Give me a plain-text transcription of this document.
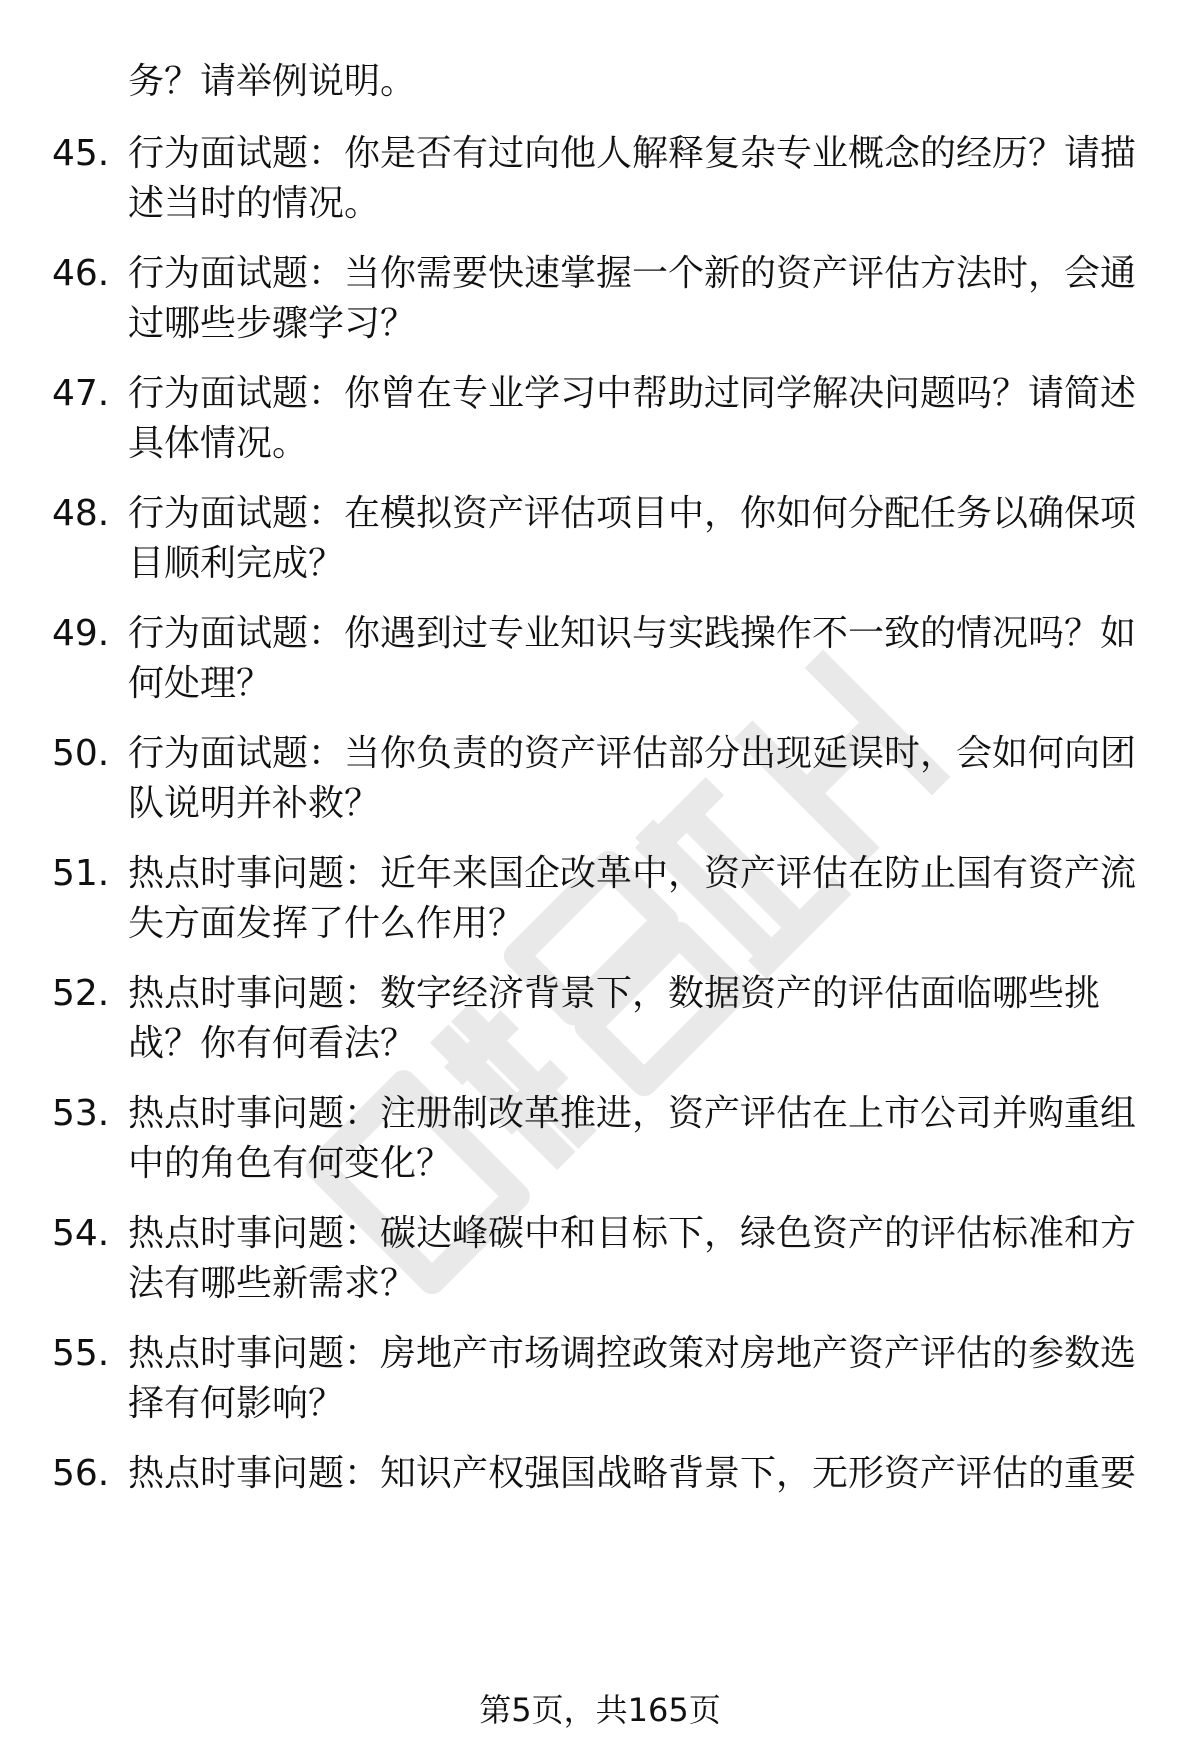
务？请举例说明。
45. 行为面试题：你是否有过向他人解释复杂专业概念的经历？请描
述当时的情况。
46. 行为面试题：当你需要快速掌握一个新的资产评估方法时，会通
过哪些步骤学习？
47. 行为面试题：你曾在专业学习中帮助过同学解决问题吗？请简述
具体情况。
48. 行为面试题：在模拟资产评估项目中，你如何分配任务以确保项
目顺利完成？
49. 行为面试题：你遇到过专业知识与实践操作不一致的情况吗？如
何处理？
50. 行为面试题：当你负责的资产评估部分出现延误时，会如何向团
队说明并补救？
51. 热点时事问题：近年来国企改革中，资产评估在防止国有资产流
失方面发挥了什么作用？
52. 热点时事问题：数字经济背景下，数据资产的评估面临哪些挑
战？你有何看法？
53. 热点时事问题：注册制改革推进，资产评估在上市公司并购重组
中的角色有何变化？
54. 热点时事问题：碳达峰碳中和目标下，绿色资产的评估标准和方
法有哪些新需求？
55. 热点时事问题：房地产市场调控政策对房地产资产评估的参数选
择有何影响？
56. 热点时事问题：知识产权强国战略背景下，无形资产评估的重要
第5页，共165页
